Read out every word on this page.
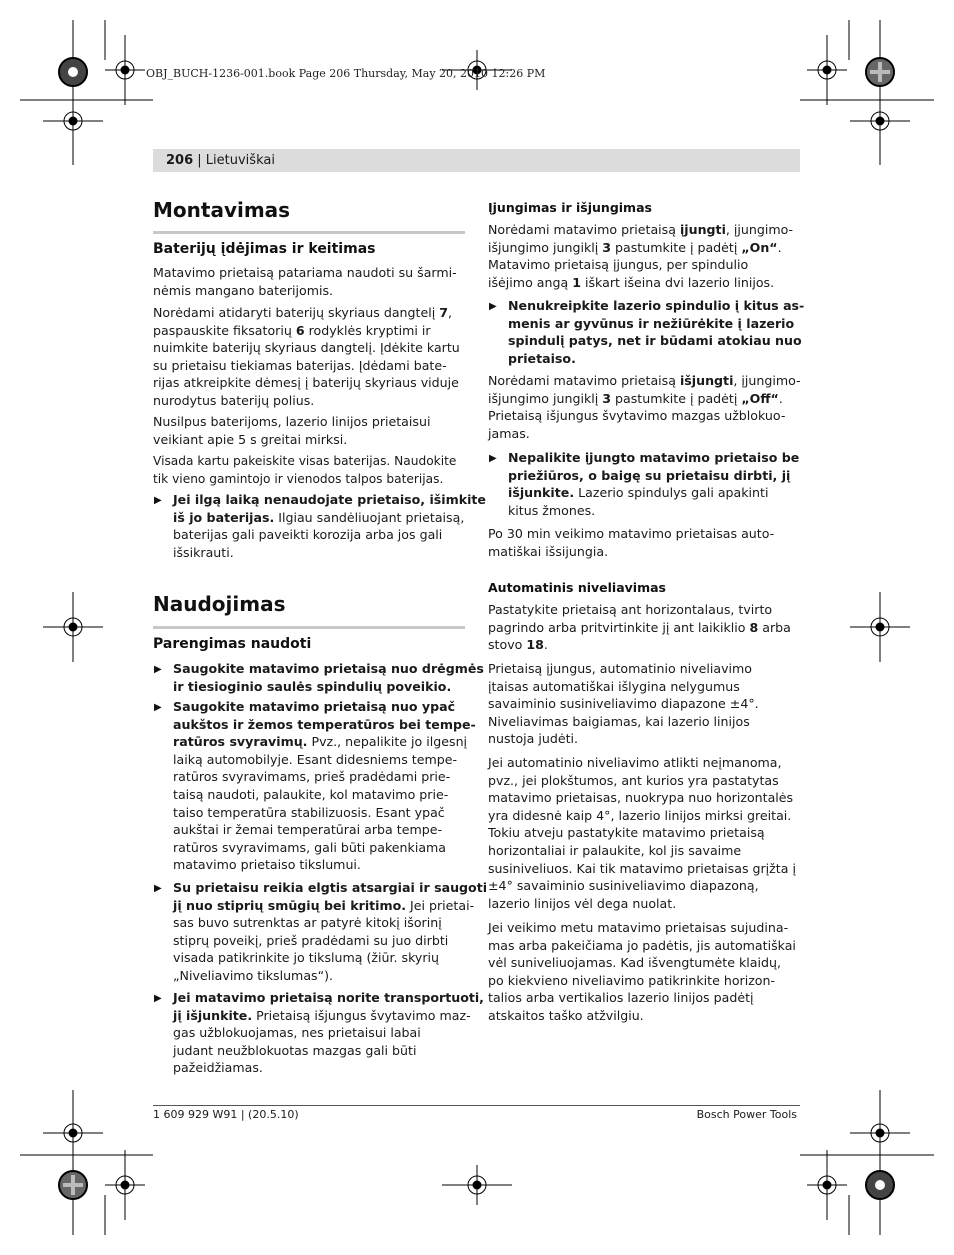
OBJ_BUCH-1236-001.book Page 206 Thursday, May 20, 2010 12:26 PM
206 | Lietuviškai
Montavimas
Baterijų įdėjimas ir keitimas
Matavimo prietaisą patariama naudoti su šarmi-
nėmis mangano baterijomis.
Norėdami atidaryti baterijų skyriaus dangtelį 7,
paspauskite fiksatorių 6 rodyklės kryptimi ir
nuimkite baterijų skyriaus dangtelį. Įdėkite kartu
su prietaisu tiekiamas baterijas. Įdėdami bate-
rijas atkreipkite dėmesį į baterijų skyriaus viduje
nurodytus baterijų polius.
Nusilpus baterijoms, lazerio linijos prietaisui
veikiant apie 5 s greitai mirksi.
Visada kartu pakeiskite visas baterijas. Naudokite
tik vieno gamintojo ir vienodos talpos baterijas.
▶ Jei ilgą laiką nenaudojate prietaiso, išimkite
iš jo baterijas. Ilgiau sandėliuojant prietaisą,
baterijas gali paveikti korozija arba jos gali
išsikrauti.
Naudojimas
Parengimas naudoti
▶ Saugokite matavimo prietaisą nuo drėgmės
ir tiesioginio saulės spindulių poveikio.
▶ Saugokite matavimo prietaisą nuo ypač
aukštos ir žemos temperatūros bei tempe-
ratūros svyravimų. Pvz., nepalikite jo ilgesnį
laiką automobilyje. Esant didesniems tempe-
ratūros svyravimams, prieš pradėdami prie-
taisą naudoti, palaukite, kol matavimo prie-
taiso temperatūra stabilizuosis. Esant ypač
aukštai ir žemai temperatūrai arba tempe-
ratūros svyravimams, gali būti pakenkiama
matavimo prietaiso tikslumui.
▶ Su prietaisu reikia elgtis atsargiai ir saugoti
jį nuo stiprių smūgių bei kritimo. Jei prietai-
sas buvo sutrenktas ar patyrė kitokį išorinį
stiprų poveikį, prieš pradėdami su juo dirbti
visada patikrinkite jo tikslumą (žiūr. skyrių
„Niveliavimo tikslumas“).
▶ Jei matavimo prietaisą norite transportuoti,
jį išjunkite. Prietaisą išjungus švytavimo maz-
gas užblokuojamas, nes prietaisui labai
judant neužblokuotas mazgas gali būti
pažeidžiamas.
Įjungimas ir išjungimas
Norėdami matavimo prietaisą įjungti, įjungimo-
išjungimo jungiklį 3 pastumkite į padėtį „On“.
Matavimo prietaisą įjungus, per spindulio
išėjimo angą 1 iškart išeina dvi lazerio linijos.
▶ Nenukreipkite lazerio spindulio į kitus as-
menis ar gyvūnus ir nežiūrėkite į lazerio
spindulį patys, net ir būdami atokiau nuo
prietaiso.
Norėdami matavimo prietaisą išjungti, įjungimo-
išjungimo jungiklį 3 pastumkite į padėtį „Off“.
Prietaisą išjungus švytavimo mazgas užblokuo-
jamas.
▶ Nepalikite įjungto matavimo prietaiso be
priežiūros, o baigę su prietaisu dirbti, jį
išjunkite. Lazerio spindulys gali apakinti
kitus žmones.
Po 30 min veikimo matavimo prietaisas auto-
matiškai išsijungia.
Automatinis niveliavimas
Pastatykite prietaisą ant horizontalaus, tvirto
pagrindo arba pritvirtinkite jį ant laikiklio 8 arba
stovo 18.
Prietaisą įjungus, automatinio niveliavimo
įtaisas automatiškai išlygina nelygumus
savaiminio susiniveliavimo diapazone ±4°.
Niveliavimas baigiamas, kai lazerio linijos
nustoja judėti.
Jei automatinio niveliavimo atlikti neįmanoma,
pvz., jei plokštumos, ant kurios yra pastatytas
matavimo prietaisas, nuokrypa nuo horizontalės
yra didesnė kaip 4°, lazerio linijos mirksi greitai.
Tokiu atveju pastatykite matavimo prietaisą
horizontaliai ir palaukite, kol jis savaime
susiniveliuos. Kai tik matavimo prietaisas grįžta į
±4° savaiminio susiniveliavimo diapazoną,
lazerio linijos vėl dega nuolat.
Jei veikimo metu matavimo prietaisas sujudina-
mas arba pakeičiama jo padėtis, jis automatiškai
vėl suniveliuojamas. Kad išvengtumėte klaidų,
po kiekvieno niveliavimo patikrinkite horizon-
talios arba vertikalios lazerio linijos padėtį
atskaitos taško atžvilgiu.
1 609 929 W91 | (20.5.10)	Bosch Power Tools
